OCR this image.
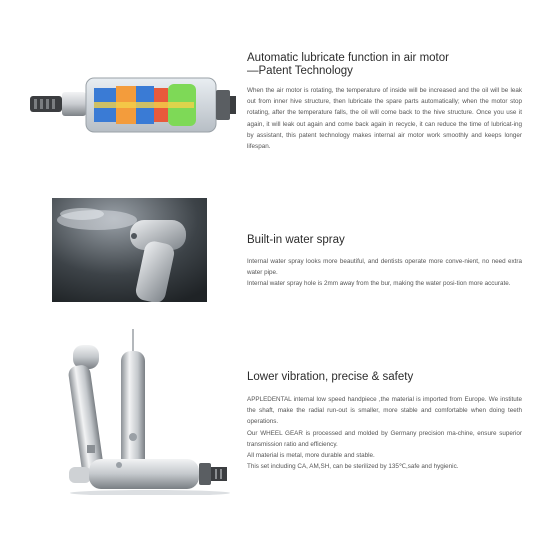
Automatic lubricate function in air motor
—Patent Technology

When the air motor is rotating, the temperature of inside will be increased and the oil will be leak out from inner hive structure, then lubricate the spare parts automatically; when the motor stop rotating, after the temperature falls, the oil will come back to the hive structure. Once you use it again, it will leak out again and come back again in recycle, it can reduce the time of lubricat-ing by assistant, this patent technology makes internal air motor work smoothly and keeps longer lifespan.

Built-in water spray

Internal water spray looks more beautiful, and dentists operate more conve-nient, no need extra water pipe.

Internal water spray hole is 2mm away from the bur, making the water posi-tion more accurate.

Lower vibration, precise & safety

APPLEDENTAL internal low speed handpiece ,the material is imported from Europe. We institute the shaft, make the radial run-out is smaller, more stable and comfortable when doing teeth operations.

Our WHEEL GEAR is processed and molded by Germany precision ma-chine, ensure superior transmission ratio and efficiency.

All material is metal, more durable and stable.

This set including CA, AM,SH, can be sterilized by 135℃,safe and hygienic.
